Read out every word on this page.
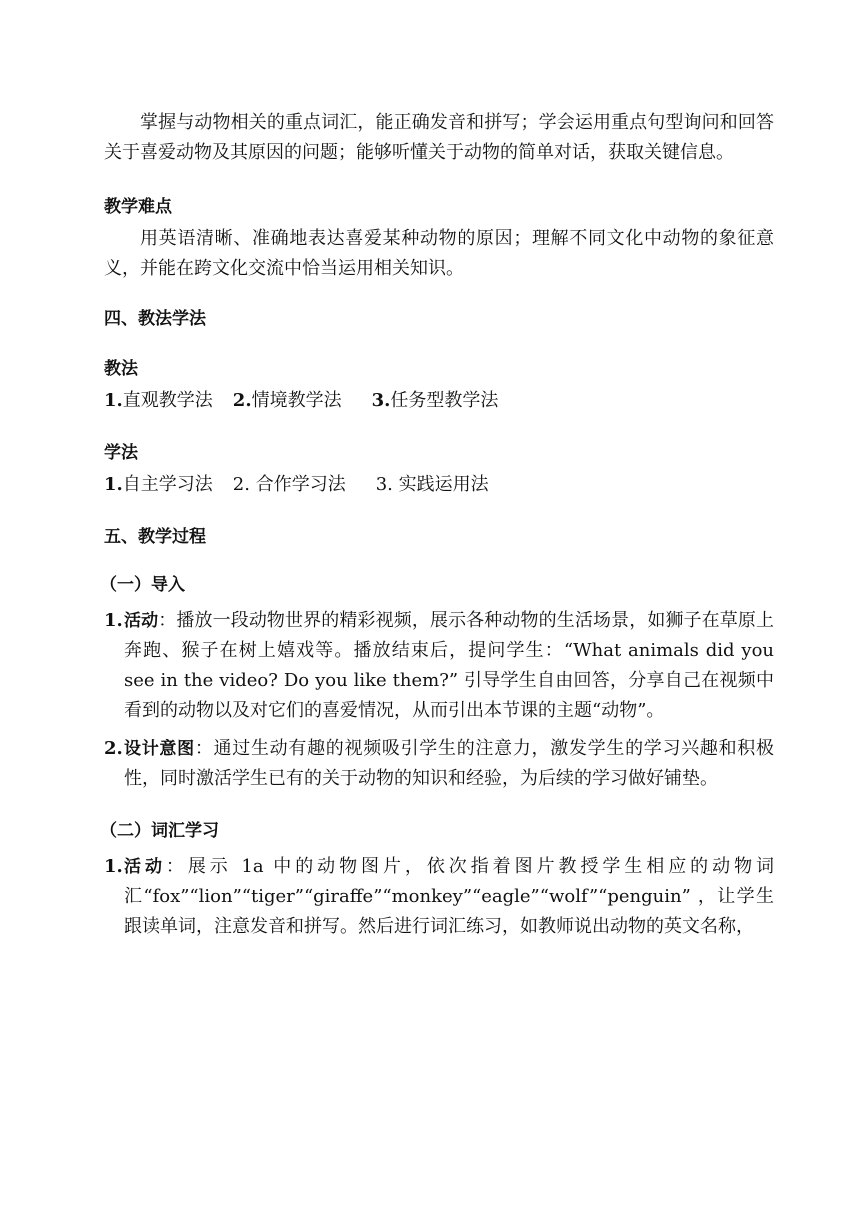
掌握与动物相关的重点词汇，能正确发音和拼写；学会运用重点句型询问和回答关于喜爱动物及其原因的问题；能够听懂关于动物的简单对话，获取关键信息。

教学难点

用英语清晰、准确地表达喜爱某种动物的原因；理解不同文化中动物的象征意义，并能在跨文化交流中恰当运用相关知识。

四、教法学法

教法

1.直观教学法 2.情境教学法 3.任务型教学法

学法

1.自主学习法 2. 合作学习法 3. 实践运用法

五、教学过程

（一）导入

1. 活动：播放一段动物世界的精彩视频，展示各种动物的生活场景，如狮子在草原上奔跑、猴子在树上嬉戏等。播放结束后，提问学生：“What animals did you see in the video? Do you like them?” 引导学生自由回答，分享自己在视频中看到的动物以及对它们的喜爱情况，从而引出本节课的主题“动物”。
2. 设计意图：通过生动有趣的视频吸引学生的注意力，激发学生的学习兴趣和积极性，同时激活学生已有的关于动物的知识和经验，为后续的学习做好铺垫。

（二）词汇学习

1. 活动：展示 1a 中的动物图片，依次指着图片教授学生相应的动物词汇“fox”“lion”“tiger”“giraffe”“monkey”“eagle”“wolf”“penguin” ，让学生跟读单词，注意发音和拼写。然后进行词汇练习，如教师说出动物的英文名称，
